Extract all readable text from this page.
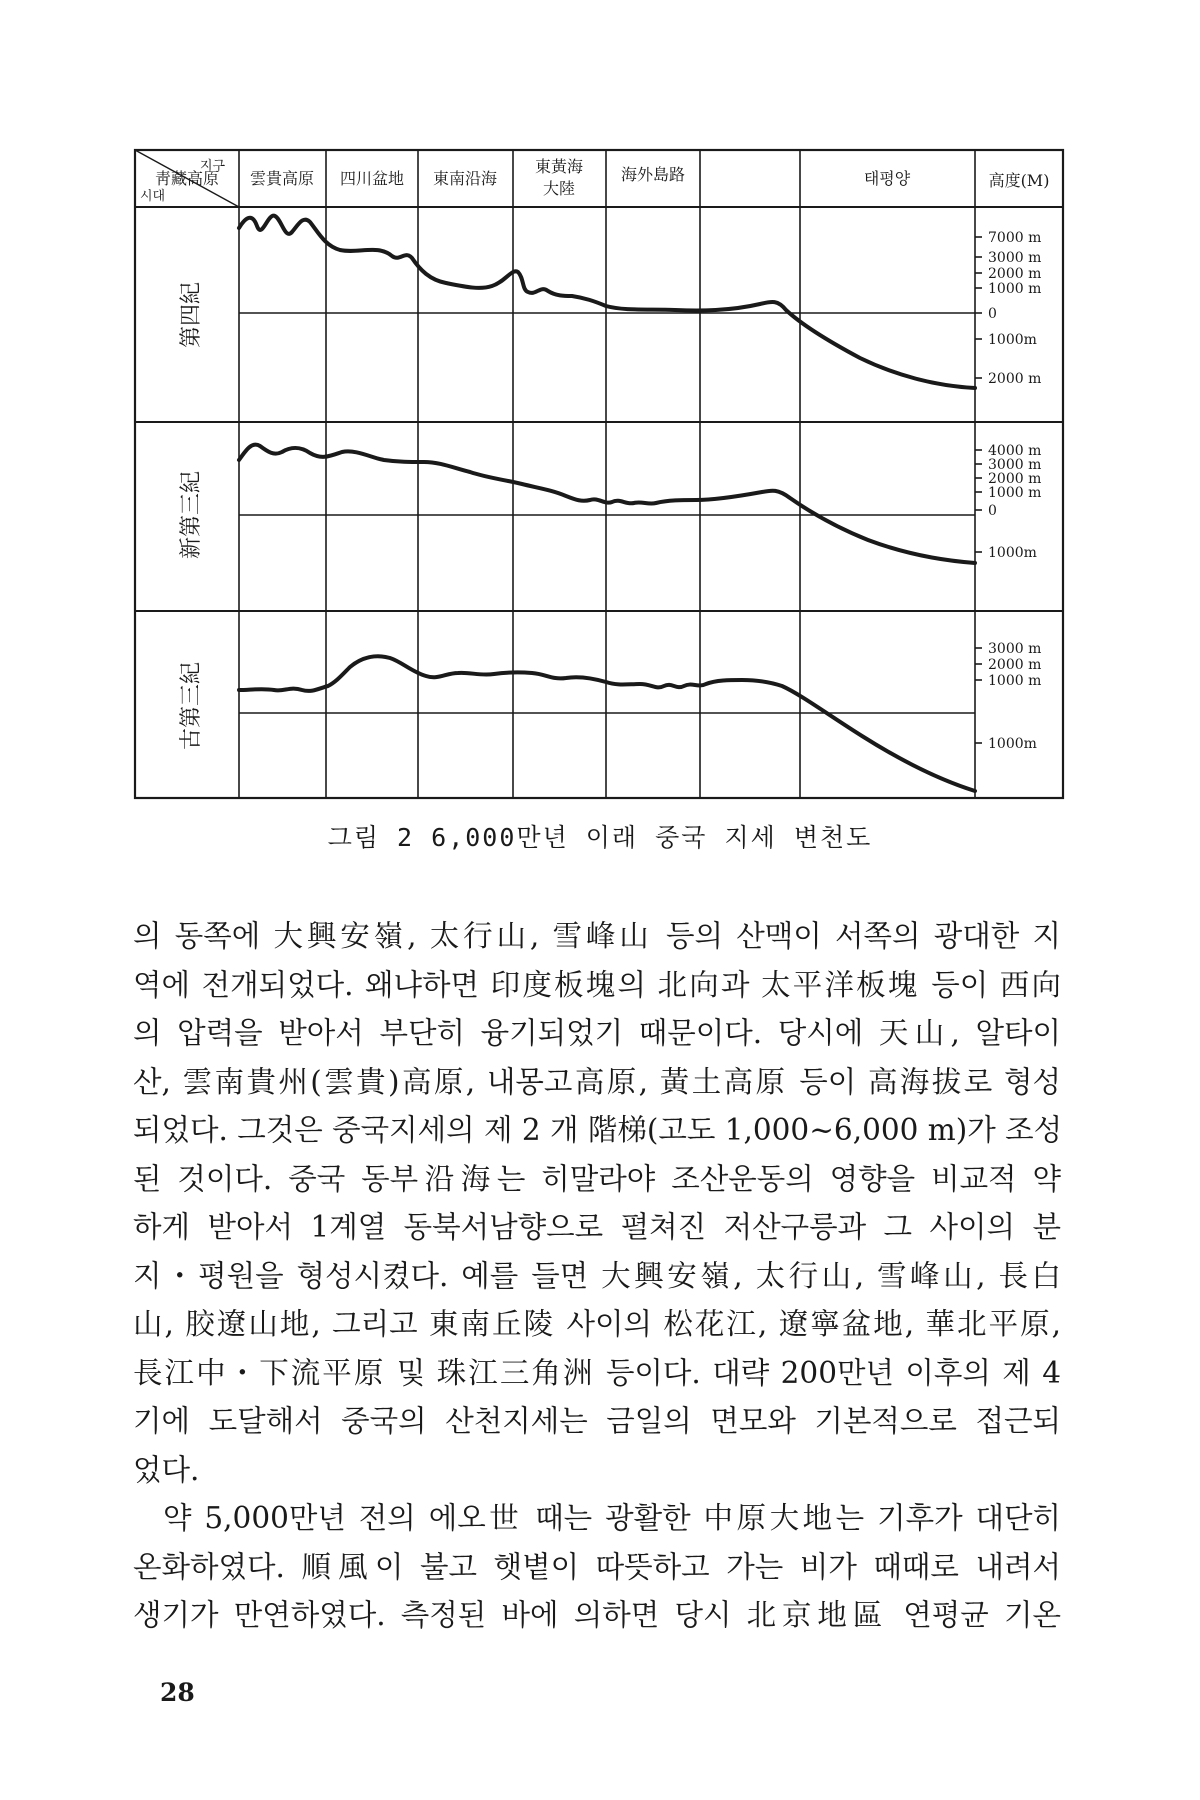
지구
시대
靑藏高原 雲貴高原 四川盆地 東南沿海
東黃海
大陸
海外島路	태평양	高度(M)
第四紀
新第三紀
古第三紀
7000 m
3000 m
2000 m
1000 m
0
1000m
2000 m
4000 m
3000 m
2000 m
1000 m
0
1000m
3000 m
2000 m
1000 m
1000m
그림 2 6,000만년 이래 중국 지세 변천도
의 동쪽에 大興安嶺, 太行山, 雪峰山 등의 산맥이 서쪽의 광대한 지
역에 전개되었다. 왜냐하면 印度板塊의 北向과 太平洋板塊 등이 西向
의 압력을 받아서 부단히 융기되었기 때문이다. 당시에 天山, 알타이
산, 雲南貴州(雲貴)高原, 내몽고高原, 黃土高原 등이 高海拔로 형성
되었다. 그것은 중국지세의 제 2 개 階梯(고도 1,000~6,000 m)가 조성
된 것이다. 중국 동부沿海는 히말라야 조산운동의 영향을 비교적 약
하게 받아서 1계열 동북서남향으로 펼쳐진 저산구릉과 그 사이의 분
지・평원을 형성시켰다. 예를 들면 大興安嶺, 太行山, 雪峰山, 長白
山, 胶遼山地, 그리고 東南丘陵 사이의 松花江, 遼寧盆地, 華北平原,
長江中・下流平原 및 珠江三角洲 등이다. 대략 200만년 이후의 제 4
기에 도달해서 중국의 산천지세는 금일의 면모와 기본적으로 접근되
었다.
약 5,000만년 전의 에오世 때는 광활한 中原大地는 기후가 대단히
온화하였다. 順風이 불고 햇볕이 따뜻하고 가는 비가 때때로 내려서
생기가 만연하였다. 측정된 바에 의하면 당시 北京地區 연평균 기온
28
